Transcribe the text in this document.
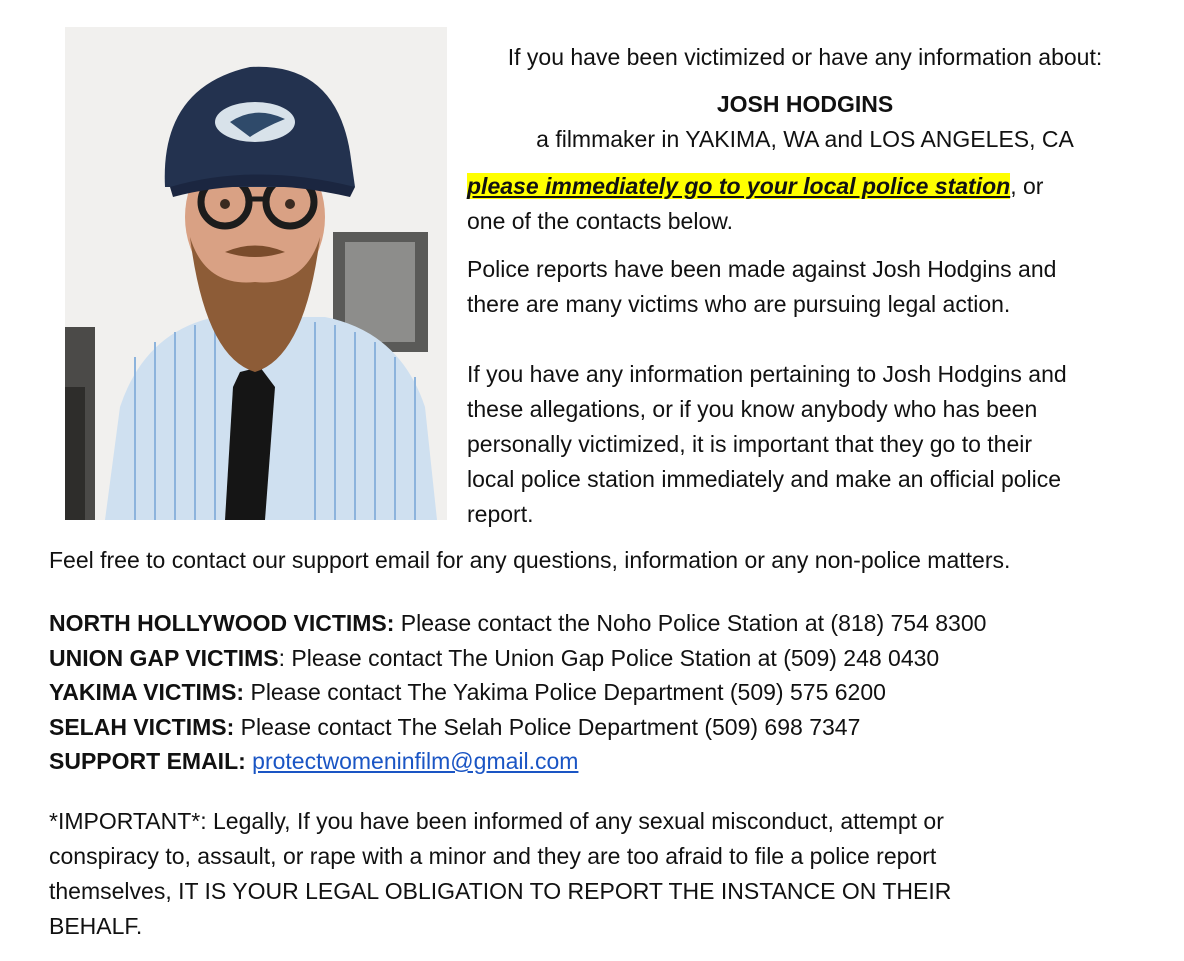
If you have been victimized or have any information about:
JOSH HODGINS
a filmmaker in YAKIMA, WA and LOS ANGELES, CA
please immediately go to your local police station, or
one of the contacts below.
Police reports have been made against Josh Hodgins and
there are many victims who are pursuing legal action.
If you have any information pertaining to Josh Hodgins and
these allegations, or if you know anybody who has been
personally victimized, it is important that they go to their
local police station immediately and make an official police
report.
Feel free to contact our support email for any questions, information or any non-police matters.
NORTH HOLLYWOOD VICTIMS: Please contact the Noho Police Station at (818) 754 8300
UNION GAP VICTIMS: Please contact The Union Gap Police Station at (509) 248 0430
YAKIMA VICTIMS: Please contact The Yakima Police Department (509) 575 6200
SELAH VICTIMS: Please contact The Selah Police Department (509) 698 7347
SUPPORT EMAIL: protectwomeninfilm@gmail.com
*IMPORTANT*: Legally, If you have been informed of any sexual misconduct, attempt or
conspiracy to, assault, or rape with a minor and they are too afraid to file a police report
themselves, IT IS YOUR LEGAL OBLIGATION TO REPORT THE INSTANCE ON THEIR
BEHALF.
